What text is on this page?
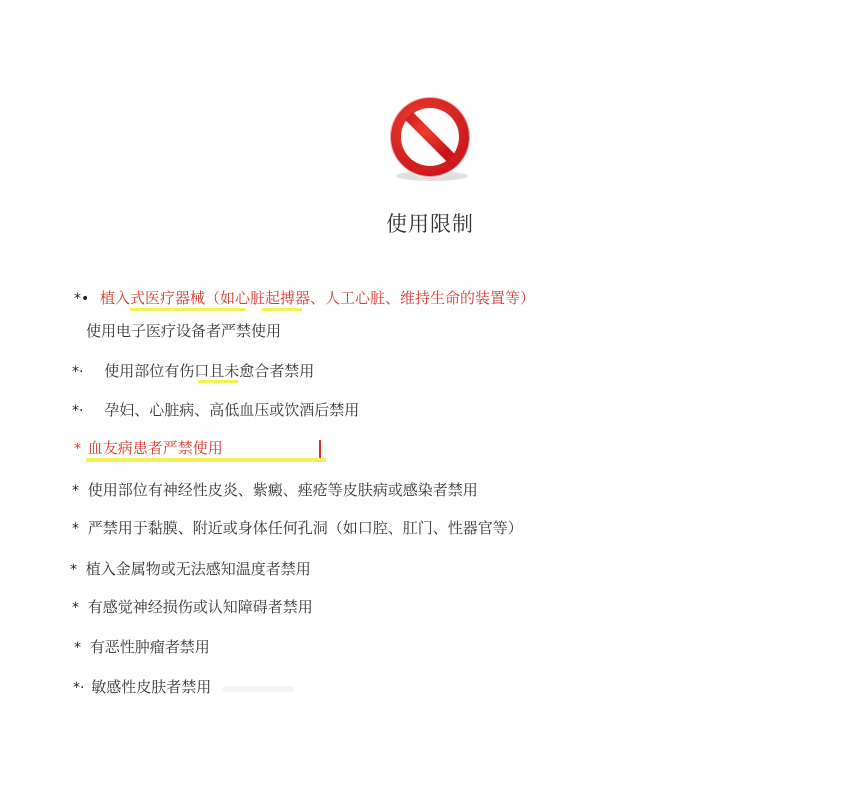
使用限制
*• 植入式医疗器械（如心脏起搏器、人工心脏、维持生命的装置等）
使用电子医疗设备者严禁使用
*· 使用部位有伤口且未愈合者禁用
*· 孕妇、心脏病、高低血压或饮酒后禁用
* 血友病患者严禁使用
* 使用部位有神经性皮炎、紫癜、痤疮等皮肤病或感染者禁用
* 严禁用于黏膜、附近或身体任何孔洞（如口腔、肛门、性器官等）
* 植入金属物或无法感知温度者禁用
* 有感觉神经损伤或认知障碍者禁用
* 有恶性肿瘤者禁用
*· 敏感性皮肤者禁用
